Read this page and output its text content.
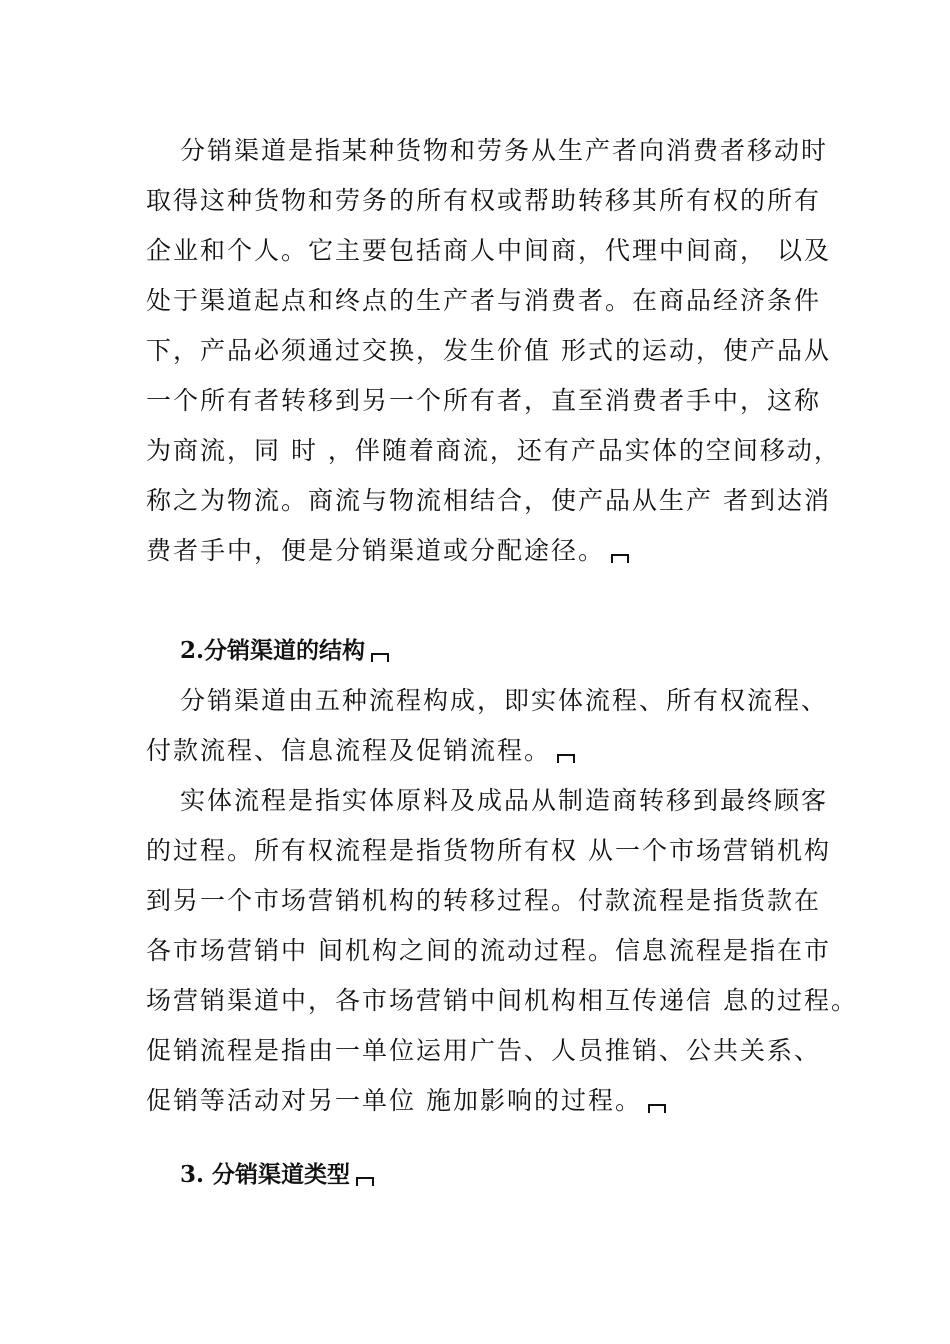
分销渠道是指某种货物和劳务从生产者向消费者移动时
取得这种货物和劳务的所有权或帮助转移其所有权的所有
企业和个人。它主要包括商人中间商，代理中间商， 以及
处于渠道起点和终点的生产者与消费者。在商品经济条件
下，产品必须通过交换，发生价值 形式的运动，使产品从
一个所有者转移到另一个所有者，直至消费者手中，这称
为商流，同 时 ，伴随着商流，还有产品实体的空间移动，
称之为物流。商流与物流相结合，使产品从生产 者到达消
费者手中，便是分销渠道或分配途径。
2.分销渠道的结构
分销渠道由五种流程构成，即实体流程、所有权流程、
付款流程、信息流程及促销流程。
实体流程是指实体原料及成品从制造商转移到最终顾客
的过程。所有权流程是指货物所有权 从一个市场营销机构
到另一个市场营销机构的转移过程。付款流程是指货款在
各市场营销中 间机构之间的流动过程。信息流程是指在市
场营销渠道中，各市场营销中间机构相互传递信 息的过程。
促销流程是指由一单位运用广告、人员推销、公共关系、
促销等活动对另一单位 施加影响的过程。
3. 分销渠道类型
